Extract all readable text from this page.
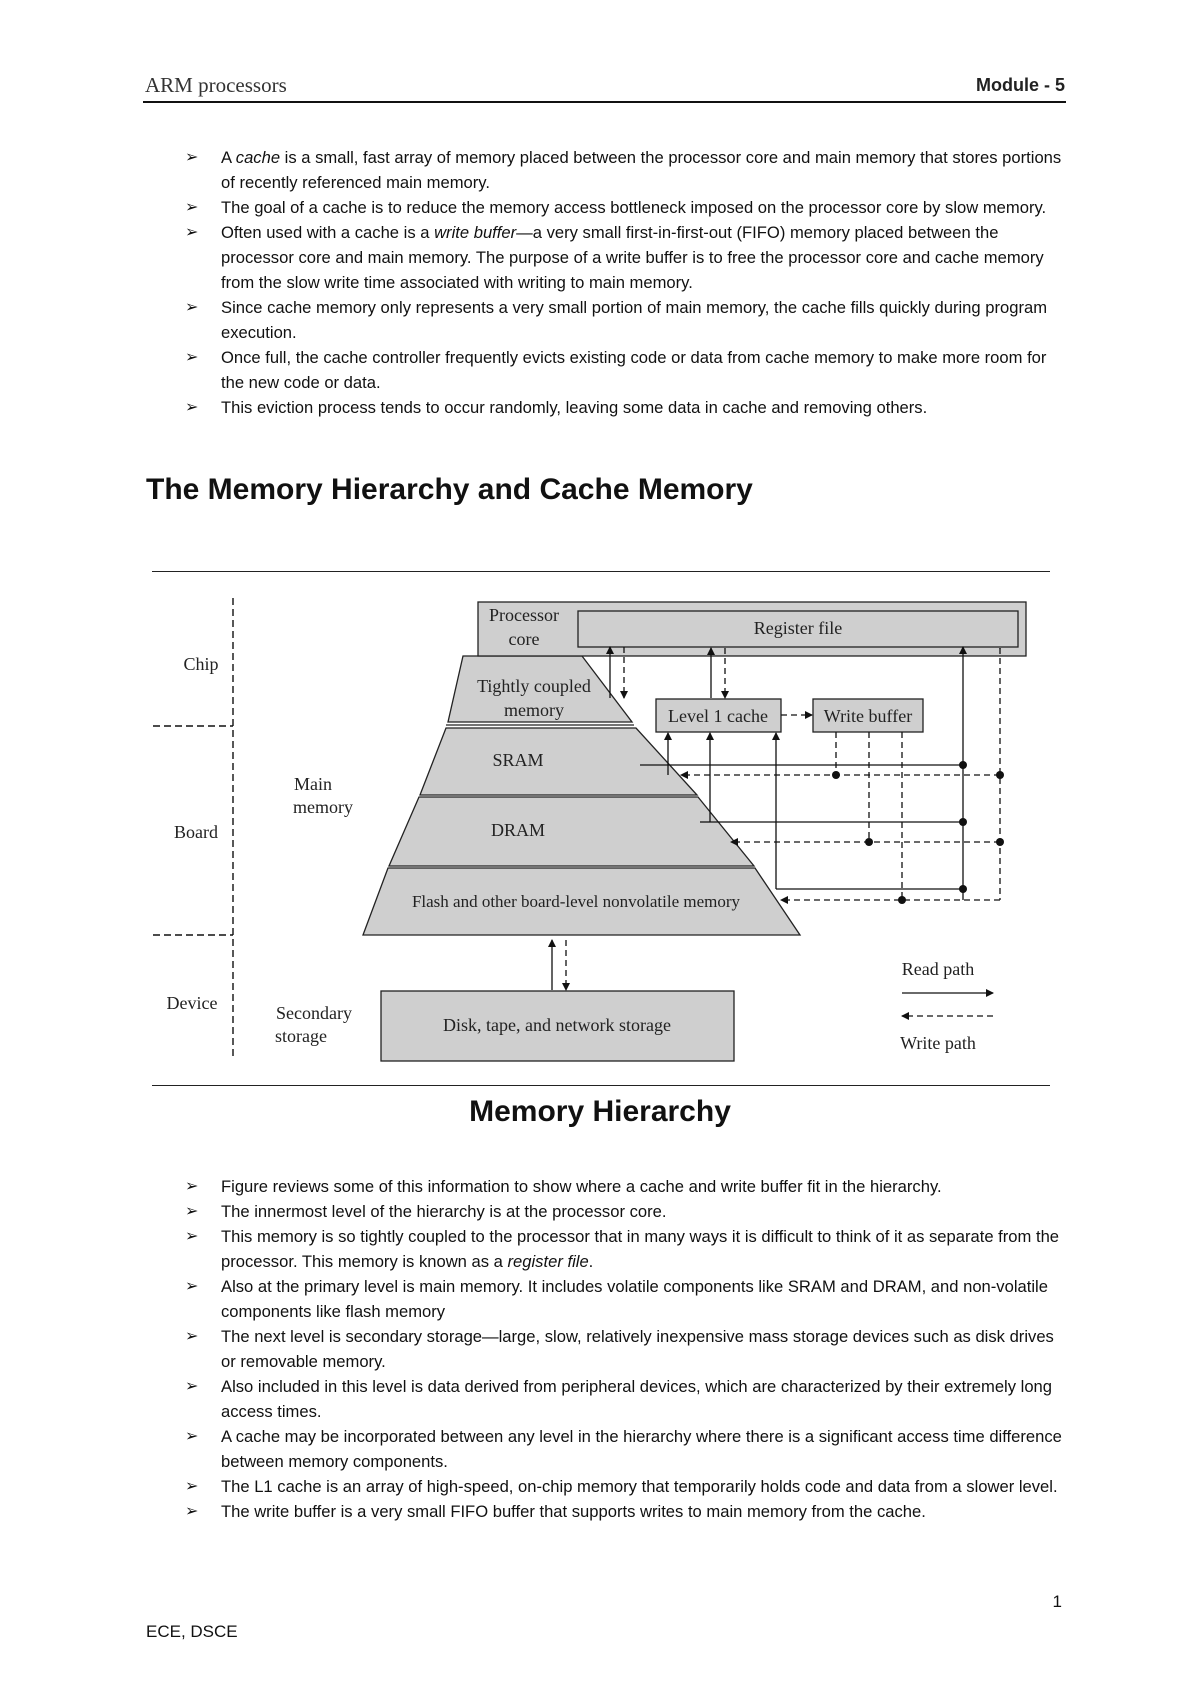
ARM processors	Module - 5
➢ A cache is a small, fast array of memory placed between the processor core and main memory that stores portions of recently referenced main memory.
➢ The goal of a cache is to reduce the memory access bottleneck imposed on the processor core by slow memory.
➢ Often used with a cache is a write buffer—a very small first-in-first-out (FIFO) memory placed between the processor core and main memory. The purpose of a write buffer is to free the processor core and cache memory from the slow write time associated with writing to main memory.
➢ Since cache memory only represents a very small portion of main memory, the cache fills quickly during program execution.
➢ Once full, the cache controller frequently evicts existing code or data from cache memory to make more room for the new code or data.
➢ This eviction process tends to occur randomly, leaving some data in cache and removing others.
The Memory Hierarchy and Cache Memory
Chip
Board
Device
Processor
core
Register file
Tightly coupled
memory
SRAM
DRAM
Flash and other board-level nonvolatile memory
Main
memory
Level 1 cache	Write buffer
Secondary
storage
Disk, tape, and network storage
Read path
Write path
Memory Hierarchy
➢ Figure reviews some of this information to show where a cache and write buffer fit in the hierarchy.
➢ The innermost level of the hierarchy is at the processor core.
➢ This memory is so tightly coupled to the processor that in many ways it is difficult to think of it as separate from the processor. This memory is known as a register file.
➢ Also at the primary level is main memory. It includes volatile components like SRAM and DRAM, and non-volatile components like flash memory
➢ The next level is secondary storage—large, slow, relatively inexpensive mass storage devices such as disk drives or removable memory.
➢ Also included in this level is data derived from peripheral devices, which are characterized by their extremely long access times.
➢ A cache may be incorporated between any level in the hierarchy where there is a significant access time difference between memory components.
➢ The L1 cache is an array of high-speed, on-chip memory that temporarily holds code and data from a slower level.
➢ The write buffer is a very small FIFO buffer that supports writes to main memory from the cache.
1
ECE, DSCE
